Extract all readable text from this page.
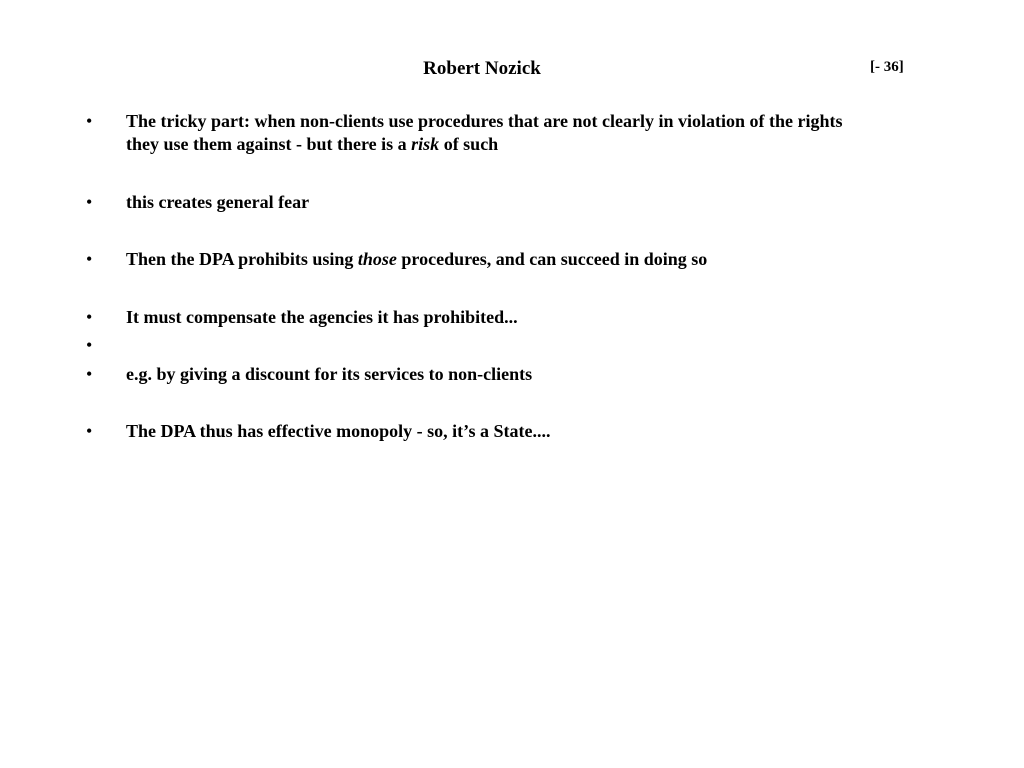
Robert Nozick	[- 36]
• The tricky part: when non-clients use procedures that are not clearly in violation of the rights
they use them against - but there is a risk of such
• this creates general fear
• Then the DPA prohibits using those procedures, and can succeed in doing so
• It must compensate the agencies it has prohibited...
•
• e.g. by giving a discount for its services to non-clients
• The DPA thus has effective monopoly - so, it’s a State....
